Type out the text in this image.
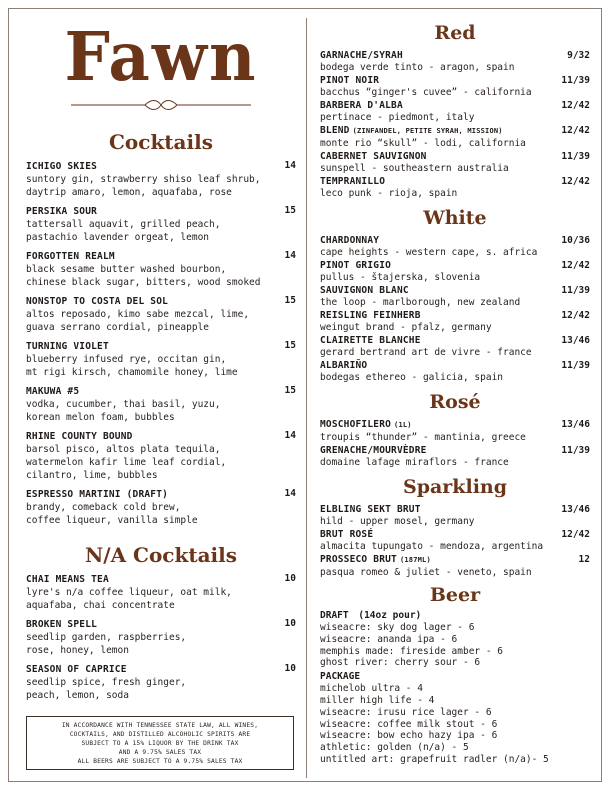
Fawn
Cocktails
ICHIGO SKIES	14
suntory gin, strawberry shiso leaf shrub,
daytrip amaro, lemon, aquafaba, rose
PERSIKA SOUR	15
tattersall aquavit, grilled peach,
pastachio lavender orgeat, lemon
FORGOTTEN REALM	14
black sesame butter washed bourbon,
chinese black sugar, bitters, wood smoked
NONSTOP TO COSTA DEL SOL	15
altos reposado, kimo sabe mezcal, lime,
guava serrano cordial, pineapple
TURNING VIOLET	15
blueberry infused rye, occitan gin,
mt rigi kirsch, chamomile honey, lime
MAKUWA #5	15
vodka, cucumber, thai basil, yuzu,
korean melon foam, bubbles
RHINE COUNTY BOUND	14
barsol pisco, altos plata tequila,
watermelon kafir lime leaf cordial,
cilantro, lime, bubbles
ESPRESSO MARTINI (DRAFT)	14
brandy, comeback cold brew,
coffee liqueur, vanilla simple
N/A Cocktails
CHAI MEANS TEA	10
lyre's n/a coffee liqueur, oat milk,
aquafaba, chai concentrate
BROKEN SPELL	10
seedlip garden, raspberries,
rose, honey, lemon
SEASON OF CAPRICE	10
seedlip spice, fresh ginger,
peach, lemon, soda
IN ACCORDANCE WITH TENNESSEE STATE LAW, ALL WINES,
COCKTAILS, AND DISTILLED ALCOHOLIC SPIRITS ARE
SUBJECT TO A 15% LIQUOR BY THE DRINK TAX
AND A 9.75% SALES TAX
ALL BEERS ARE SUBJECT TO A 9.75% SALES TAX
Red
GARNACHE/SYRAH	9/32
bodega verde tinto - aragon, spain
PINOT NOIR	11/39
bacchus “ginger's cuvee” - california
BARBERA D'ALBA	12/42
pertinace - piedmont, italy
BLEND (ZINFANDEL, PETITE SYRAH, MISSION)	12/42
monte rio “skull” - lodi, california
CABERNET SAUVIGNON	11/39
sunspell - southeastern australia
TEMPRANILLO	12/42
leco punk - rioja, spain
White
CHARDONNAY	10/36
cape heights - western cape, s. africa
PINOT GRIGIO	12/42
pullus - štajerska, slovenia
SAUVIGNON BLANC	11/39
the loop - marlborough, new zealand
REISLING FEINHERB	12/42
weingut brand - pfalz, germany
CLAIRETTE BLANCHE	13/46
gerard bertrand art de vivre - france
ALBARIÑO	11/39
bodegas ethereo - galicia, spain
Rosé
MOSCHOFILERO (1L)	13/46
troupis “thunder” - mantinia, greece
GRENACHE/MOURVÈDRE	11/39
domaine lafage miraflors - france
Sparkling
ELBLING SEKT BRUT	13/46
hild - upper mosel, germany
BRUT ROSÉ	12/42
almacita tupungato - mendoza, argentina
PROSSECO BRUT (187ML)	12
pasqua romeo & juliet - veneto, spain
Beer
DRAFT (14oz pour)
wiseacre: sky dog lager - 6
wiseacre: ananda ipa - 6
memphis made: fireside amber - 6
ghost river: cherry sour - 6
PACKAGE
michelob ultra - 4
miller high life - 4
wiseacre: irusu rice lager - 6
wiseacre: coffee milk stout - 6
wiseacre: bow echo hazy ipa - 6
athletic: golden (n/a) - 5
untitled art: grapefruit radler (n/a)- 5
